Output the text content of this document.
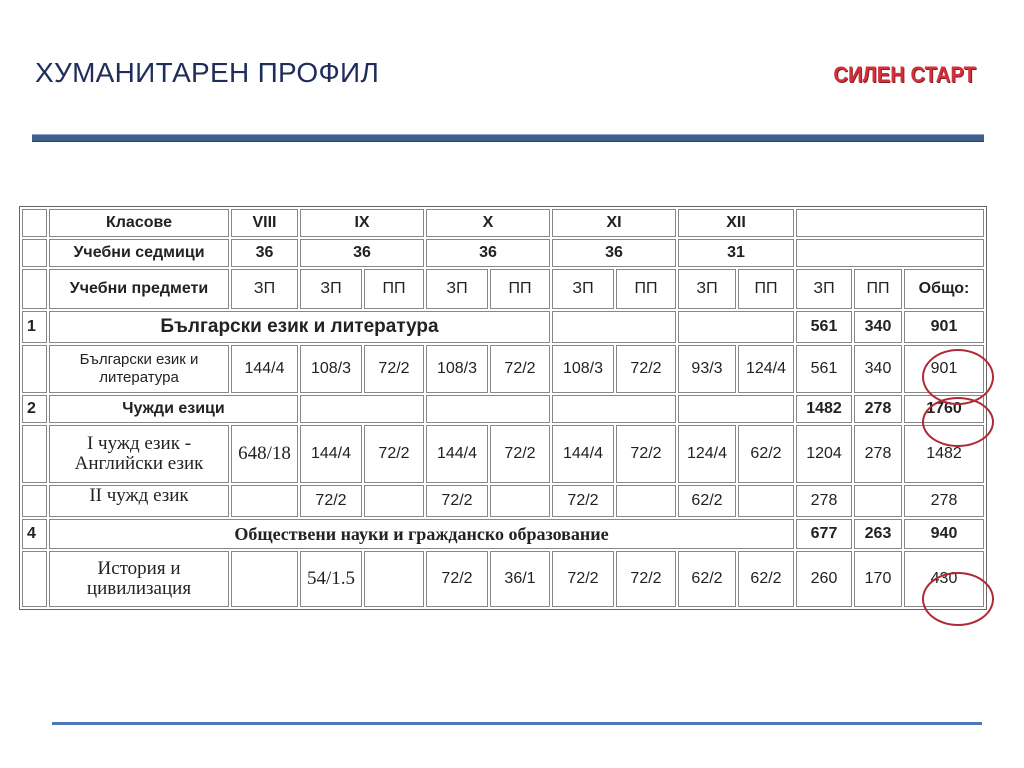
ХУМАНИТАРЕН ПРОФИЛ	СИЛЕН СТАРТ
	Класове	VIII	IX		X		XI		XII				
	Учебни седмици	36	36		36		36		31				
	Учебни предмети	ЗП	ЗП	ПП	ЗП	ПП	ЗП	ПП	ЗП	ПП	ЗП	ПП	Общо:
1	Български език и литература										561	340	901
	Български език и литература	144/4	108/3	72/2	108/3	72/2	108/3	72/2	93/3	124/4	561	340	901
2	Чужди езици										1482	278	1760
	I чужд език - Английски език	648/18	144/4	72/2	144/4	72/2	144/4	72/2	124/4	62/2	1204	278	1482
	II чужд език		72/2		72/2		72/2		62/2		278		278
4	Обществени науки и гражданско образование										677	263	940
	История и цивилизация		54/1.5		72/2	36/1	72/2	72/2	62/2	62/2	260	170	430
